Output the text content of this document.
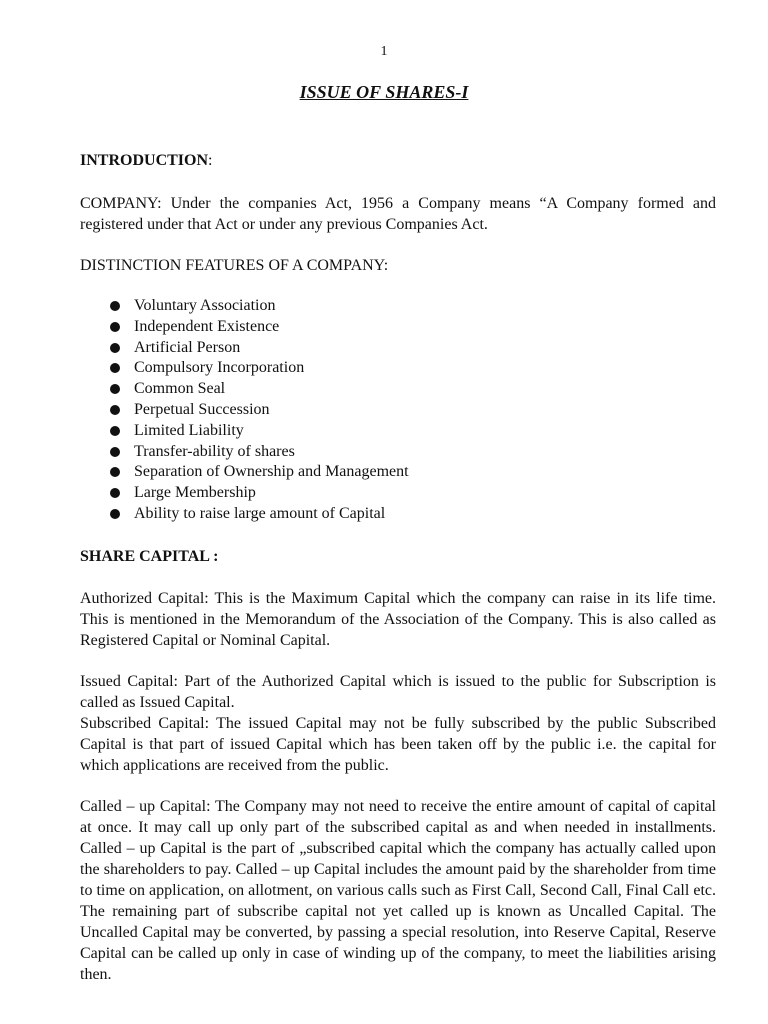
1
ISSUE OF SHARES-I

INTRODUCTION:

COMPANY: Under the companies Act, 1956 a Company means “A Company formed and registered under that Act or under any previous Companies Act.

DISTINCTION FEATURES OF A COMPANY:

Voluntary Association
Independent Existence
Artificial Person
Compulsory Incorporation
Common Seal
Perpetual Succession
Limited Liability
Transfer-ability of shares
Separation of Ownership and Management
Large Membership
Ability to raise large amount of Capital

SHARE CAPITAL :

Authorized Capital: This is the Maximum Capital which the company can raise in its life time. This is mentioned in the Memorandum of the Association of the Company. This is also called as Registered Capital or Nominal Capital.

Issued Capital: Part of the Authorized Capital which is issued to the public for Subscription is called as Issued Capital.

Subscribed Capital: The issued Capital may not be fully subscribed by the public Subscribed Capital is that part of issued Capital which has been taken off by the public i.e. the capital for which applications are received from the public.

Called – up Capital: The Company may not need to receive the entire amount of capital of capital at once. It may call up only part of the subscribed capital as and when needed in installments. Called – up Capital is the part of „subscribed capital which the company has actually called upon the shareholders to pay. Called – up Capital includes the amount paid by the shareholder from time to time on application, on allotment, on various calls such as First Call, Second Call, Final Call etc. The remaining part of subscribe capital not yet called up is known as Uncalled Capital. The Uncalled Capital may be converted, by passing a special resolution, into Reserve Capital, Reserve Capital can be called up only in case of winding up of the company, to meet the liabilities arising then.
